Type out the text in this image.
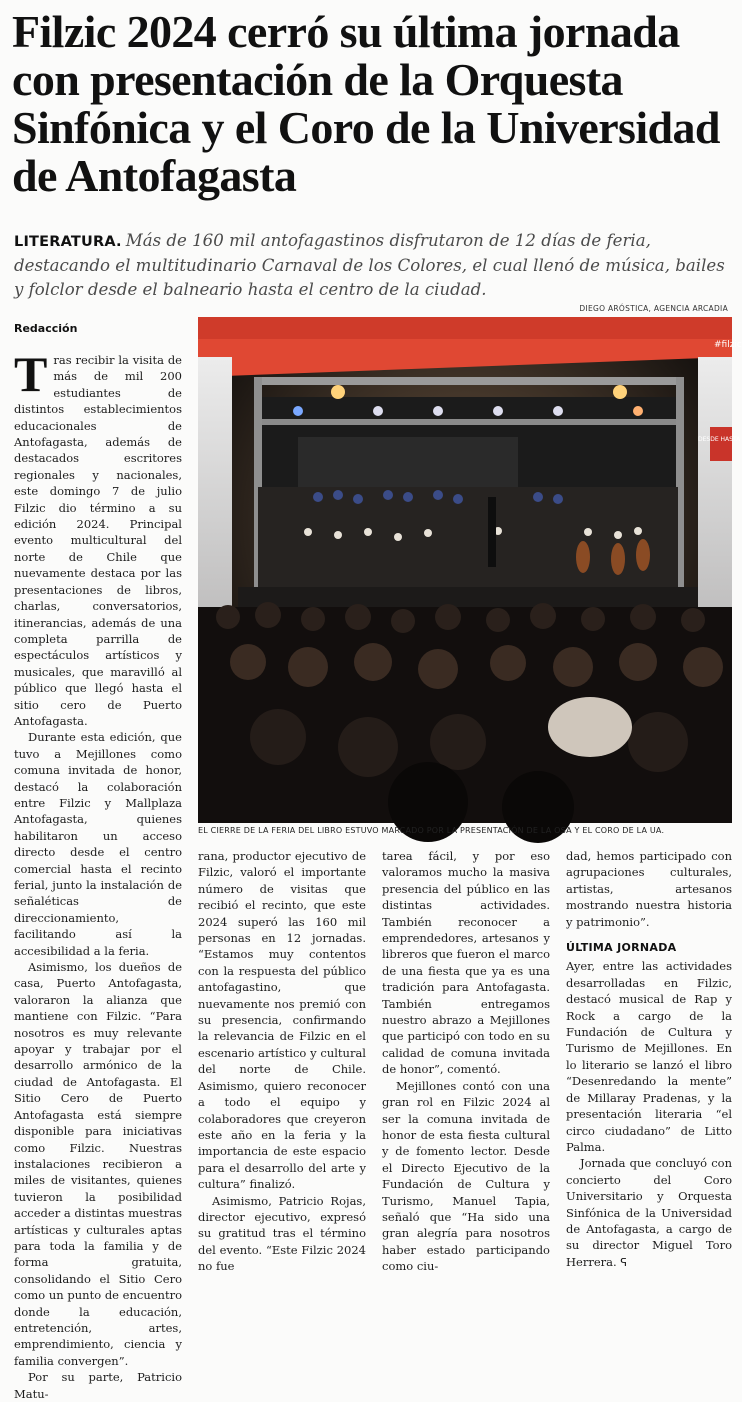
Filzic 2024 cerró su última jornada con presentación de la Orquesta Sinfónica y el Coro de la Universidad de Antofagasta
LITERATURA. Más de 160 mil antofagastinos disfrutaron de 12 días de feria, destacando el multitudinario Carnaval de los Colores, el cual llenó de música, bailes y folclor desde el balneario hasta el centro de la ciudad.
DIEGO ARÓSTICA, AGENCIA ARCADIA
Redacción

Tras recibir la visita de más de mil 200 estudiantes de distintos establecimientos educacionales de Antofagasta, además de destacados escritores regionales y nacionales, este domingo 7 de julio Filzic dio término a su edición 2024. Principal evento multicultural del norte de Chile que nuevamente destaca por las presentaciones de libros, charlas, conversatorios, itinerancias, además de una completa parrilla de espectáculos artísticos y musicales, que maravilló al público que llegó hasta el sitio cero de Puerto Antofagasta.

Durante esta edición, que tuvo a Mejillones como comuna invitada de honor, destacó la colaboración entre Filzic y Mallplaza Antofagasta, quienes habilitaron un acceso directo desde el centro comercial hasta el recinto ferial, junto la instalación de señaléticas de direccionamiento, facilitando así la accesibilidad a la feria.

Asimismo, los dueños de casa, Puerto Antofagasta, valoraron la alianza que mantiene con Filzic. “Para nosotros es muy relevante apoyar y trabajar por el desarrollo armónico de la ciudad de Antofagasta. El Sitio Cero de Puerto Antofagasta está siempre disponible para iniciativas como Filzic. Nuestras instalaciones recibieron a miles de visitantes, quienes tuvieron la posibilidad acceder a distintas muestras artísticas y culturales aptas para toda la familia y de forma gratuita, consolidando el Sitio Cero como un punto de encuentro donde la educación, entretención, artes, emprendimiento, ciencia y familia convergen”.

Por su parte, Patricio Matu-

#filzic
DESDE HASTA
EL CIERRE DE LA FERIA DEL LIBRO ESTUVO MARCADO POR LA PRESENTACIÓN DE LA OSA Y EL CORO DE LA UA.

rana, productor ejecutivo de Filzic, valoró el importante número de visitas que recibió el recinto, que este 2024 superó las 160 mil personas en 12 jornadas. “Estamos muy contentos con la respuesta del público antofagastino, que nuevamente nos premió con su presencia, confirmando la relevancia de Filzic en el escenario artístico y cultural del norte de Chile. Asimismo, quiero reconocer a todo el equipo y colaboradores que creyeron este año en la feria y la importancia de este espacio para el desarrollo del arte y cultura” finalizó.

Asimismo, Patricio Rojas, director ejecutivo, expresó su gratitud tras el término del evento. “Este Filzic 2024 no fue

tarea fácil, y por eso valoramos mucho la masiva presencia del público en las distintas actividades. También reconocer a emprendedores, artesanos y libreros que fueron el marco de una fiesta que ya es una tradición para Antofagasta. También entregamos nuestro abrazo a Mejillones que participó con todo en su calidad de comuna invitada de honor”, comentó.

Mejillones contó con una gran rol en Filzic 2024 al ser la comuna invitada de honor de esta fiesta cultural y de fomento lector. Desde el Directo Ejecutivo de la Fundación de Cultura y Turismo, Manuel Tapia, señaló que “Ha sido una gran alegría para nosotros haber estado participando como ciu-

dad, hemos participado con agrupaciones culturales, artistas, artesanos mostrando nuestra historia y patrimonio”.

ÚLTIMA JORNADA

Ayer, entre las actividades desarrolladas en Filzic, destacó musical de Rap y Rock a cargo de la Fundación de Cultura y Turismo de Mejillones. En lo literario se lanzó el libro “Desenredando la mente” de Millaray Pradenas, y la presentación literaria “el circo ciudadano” de Litto Palma.

Jornada que concluyó con concierto del Coro Universitario y Orquesta Sinfónica de la Universidad de Antofagasta, a cargo de su director Miguel Toro Herrera. ᕋ
